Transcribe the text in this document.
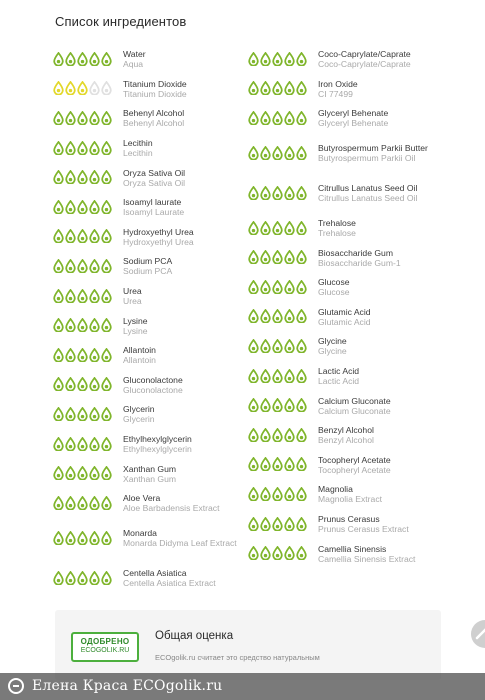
Список ингредиентов
Water
Aqua
Titanium Dioxide
Titanium Dioxide
Behenyl Alcohol
Behenyl Alcohol
Lecithin
Lecithin
Oryza Sativa Oil
Oryza Sativa Oil
Isoamyl laurate
Isoamyl Laurate
Hydroxyethyl Urea
Hydroxyethyl Urea
Sodium PCA
Sodium PCA
Urea
Urea
Lysine
Lysine
Allantoin
Allantoin
Gluconolactone
Gluconolactone
Glycerin
Glycerin
Ethylhexylglycerin
Ethylhexylglycerin
Xanthan Gum
Xanthan Gum
Aloe Vera
Aloe Barbadensis Extract
Monarda
Monarda Didyma Leaf Extract
Centella Asiatica
Centella Asiatica Extract
Coco-Caprylate/Caprate
Coco-Caprylate/Caprate
Iron Oxide
CI 77499
Glyceryl Behenate
Glyceryl Behenate
Butyrospermum Parkii Butter
Butyrospermum Parkii Oil
Citrullus Lanatus Seed Oil
Citrullus Lanatus Seed Oil
Trehalose
Trehalose
Biosaccharide Gum
Biosaccharide Gum-1
Glucose
Glucose
Glutamic Acid
Glutamic Acid
Glycine
Glycine
Lactic Acid
Lactic Acid
Calcium Gluconate
Calcium Gluconate
Benzyl Alcohol
Benzyl Alcohol
Tocopheryl Acetate
Tocopheryl Acetate
Magnolia
Magnolia Extract
Prunus Cerasus
Prunus Cerasus Extract
Camellia Sinensis
Camellia Sinensis Extract
ОДОБРЕНО
ECOGOLIK.RU
Общая оценка
ECOgolik.ru считает это средство натуральным
Елена Краса ECOgolik.ru
